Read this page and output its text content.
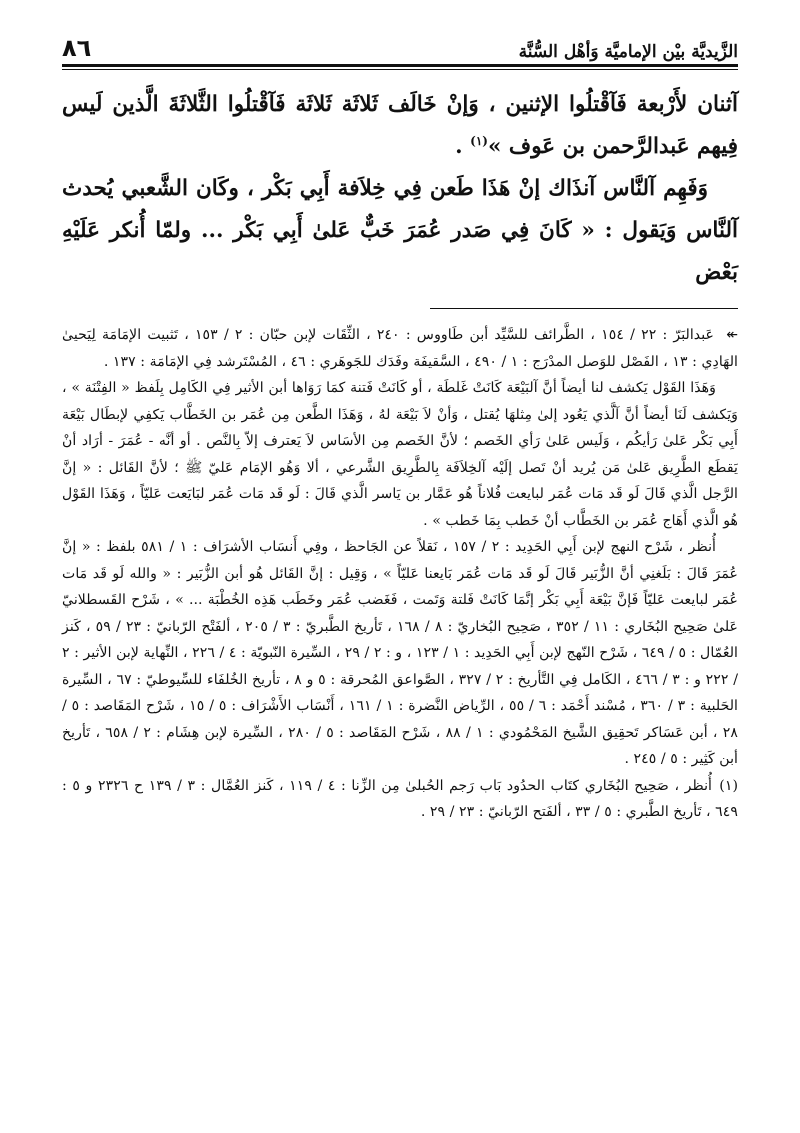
الزَّيديَّة بيْن الإماميَّة وَأهْل السُّنَّة
٨٦

آثنان لأَرْبعة فَآقْتلُوا الإثنين ، وَإنْ خَالَف ثَلاثَة ثَلاثَة فَآقْتلُوا الثَّلاثَةَ الَّذين لَيس فِيهم عَبدالرَّحمن بن عَوف »$^{(١)}$ .

وَفَهِم آلنَّاس آنذَاك إنْ هَذَا طَعن فِي خِلاَفة أَبِي بَكْر ، وكَان الشَّعبي يُحدث آلنَّاس وَيَقول : « كَانَ فِي صَدر عُمَرَ خَبٌّ عَلىٰ أَبِي بَكْر ... ولمّا أُنكر عَلَيْهِ بَعْض

↞عَبدالبَرّ : ٢٢ / ١٥٤ ، الطَّرائف للسَّيِّد أبن طَاووس : ٢٤٠ ، الثِّقَات لإبن حبّان : ٢ / ١٥٣ ، تَثبيت الإمَامَة لِيَحيىٰ الهَادِي : ١٣ ، الفَصْل للوَصل المدْرَج : ١ / ٤٩٠ ، السَّقيفَة وفَدَك للجَوهَري : ٤٦ ، المُسْتَرشد فِي الإمَامَة : ١٣٧ .

وَهَذَا القَوْل يَكشف لنا أيضاً أنَّ آلبَيْعَة كَانَتْ غَلطَة ، أو كَانَتْ فَتنة كمَا رَوَاها أبن الأثير فِي الكَامِل بِلَفظ « الفِتْنَة » ، وَيَكشف لَنَا أيضاً أنَّ آلَّذي يَعُود إلىٰ مِثلهَا يُقتل ، وَأنْ لاَ بَيْعَة لهُ ، وَهَذَا الطَّعن مِن عُمَر بن الخَطَّاب يَكفِي لإبطَال بَيْعَة أَبِي بَكْر عَلىٰ رَأيكُم ، وَلَيس عَلىٰ رَأي الخَصم ؛ لأنَّ الخَصم مِن الأسَاس لاَ يَعترف إلاّ بِالنَّص . أو أنَّه - عُمَرَ - أرَاد أنْ يَقطَع الطَّرِيق عَلىٰ مَن يُريد أنْ تَصل إلَيْه آلخِلاَفَة بِالطَّرِيق الشَّرعي ، ألا وَهُو الإمَام عَليّ ﷺ ؛ لأنَّ القَائل : « إنَّ الرَّجل الَّذي قَالَ لَو قَد مَات عُمَر لبايعت فُلاناً هُو عَمَّار بن يَاسر الَّذي قَالَ : لَو قَد مَات عُمَر لبَايَعت عَليّاً ، وَهَذَا القَوْل هُو الَّذي أَهَاج عُمَر بن الخَطَّاب أنْ خَطب بِمَا خَطب » .

أُنظر ، شَرْح النهج لإبن أَبِي الحَدِيد : ٢ / ١٥٧ ، نَقلاً عن الجَاحظ ، وفِي أَنسَاب الأشرَاف : ١ / ٥٨١ بلفظ : « إنَّ عُمَرَ قَالَ : بَلَغنِي أنَّ الزُّبَير قَالَ لَو قَد مَات عُمَر بَايعنا عَليّاً » ، وَقِيل : إنَّ القَائل هُو أبن الزُّبَير : « والله لَو قَد مَات عُمَر لبايعت عَليّاً فَإنَّ بَيْعَة أَبِي بَكْر إنَّمَا كَانَتْ فَلتة وَتَمت ، فَغَضب عُمَر وخَطَب هَذِه الخُطْبَة ... » ، شَرْح القَسطلانيّ عَلىٰ صَحِيح البُخَاري : ١١ / ٣٥٢ ، صَحِيح البُخاريّ : ٨ / ١٦٨ ، تَأريخ الطَّبريّ : ٣ / ٢٠٥ ، ألفَتْح الرّبانيّ : ٢٣ / ٥٩ ، كَنز العُمّال : ٥ / ٦٤٩ ، شَرْح النّهج لإبن أَبِي الحَدِيد : ١ / ١٢٣ ، و : ٢ / ٢٩ ، السِّيرة النّبويّة : ٤ / ٢٢٦ ، النِّهاية لإبن الأثير : ٢ / ٢٢٢ و : ٣ / ٤٦٦ ، الكَامل فِي التَّأريخ : ٢ / ٣٢٧ ، الصَّواعق المُحرقة : ٥ و ٨ ، تأريخ الخُلفَاء للسِّيوطيّ : ٦٧ ، السِّيرة الحَلبية : ٣ / ٣٦٠ ، مُسْند أَحْمَد : ٦ / ٥٥ ، الرِّياض النَّضرة : ١ / ١٦١ ، أَنْسَاب الأَشْرَاف : ٥ / ١٥ ، شَرْح المَقَاصد : ٥ / ٢٨ ، أبن عَسَاكر تَحقِيق الشَّيخ المَحْمُودي : ١ / ٨٨ ، شَرْح المَقَاصد : ٥ / ٢٨٠ ، السِّيرة لإبن هِشَام : ٢ / ٦٥٨ ، تَأريخ أبن كَثِير : ٥ / ٢٤٥ .

(١)أُنظر ، صَحِيح البُخَاري كتَاب الحدُود بَاب رَجم الحُبلىٰ مِن الزِّنا : ٤ / ١١٩ ، كَنز العُمَّال : ٣ / ١٣٩ ح ٢٣٢٦ و ٥ : ٦٤٩ ، تَأريخ الطَّبري : ٥ / ٣٣ ، ألفَتح الرّبانيّ : ٢٣ / ٢٩ .
